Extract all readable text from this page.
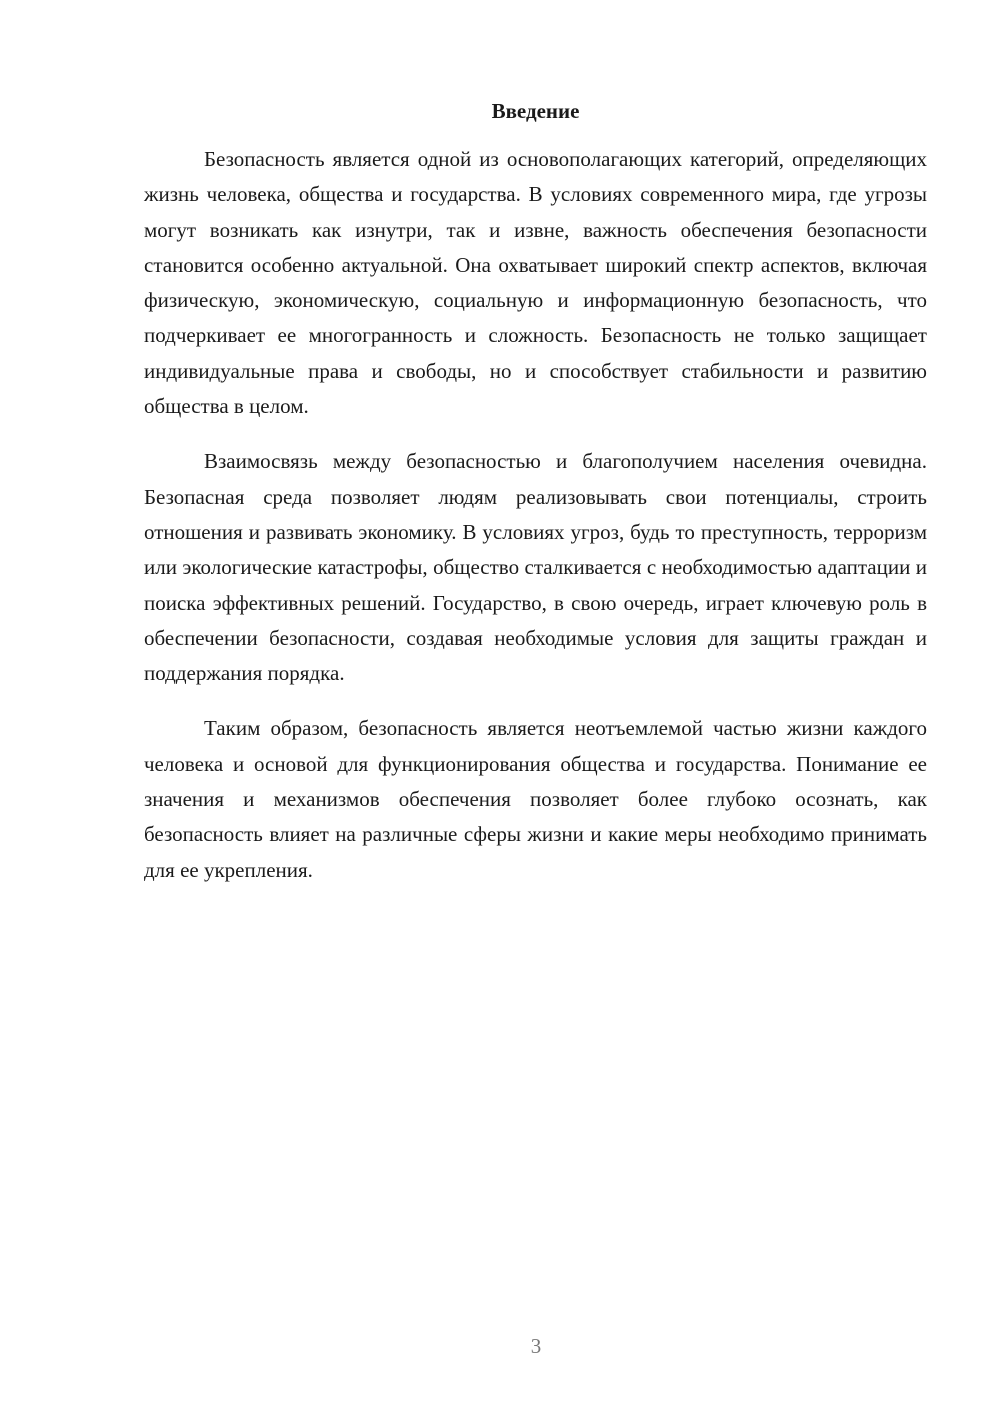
Введение

Безопасность является одной из основополагающих категорий, определяющих жизнь человека, общества и государства. В условиях современного мира, где угрозы могут возникать как изнутри, так и извне, важность обеспечения безопасности становится особенно актуальной. Она охватывает широкий спектр аспектов, включая физическую, экономическую, социальную и информационную безопасность, что подчеркивает ее многогранность и сложность. Безопасность не только защищает индивидуальные права и свободы, но и способствует стабильности и развитию общества в целом.

Взаимосвязь между безопасностью и благополучием населения очевидна. Безопасная среда позволяет людям реализовывать свои потенциалы, строить отношения и развивать экономику. В условиях угроз, будь то преступность, терроризм или экологические катастрофы, общество сталкивается с необходимостью адаптации и поиска эффективных решений. Государство, в свою очередь, играет ключевую роль в обеспечении безопасности, создавая необходимые условия для защиты граждан и поддержания порядка.

Таким образом, безопасность является неотъемлемой частью жизни каждого человека и основой для функционирования общества и государства. Понимание ее значения и механизмов обеспечения позволяет более глубоко осознать, как безопасность влияет на различные сферы жизни и какие меры необходимо принимать для ее укрепления.

3
